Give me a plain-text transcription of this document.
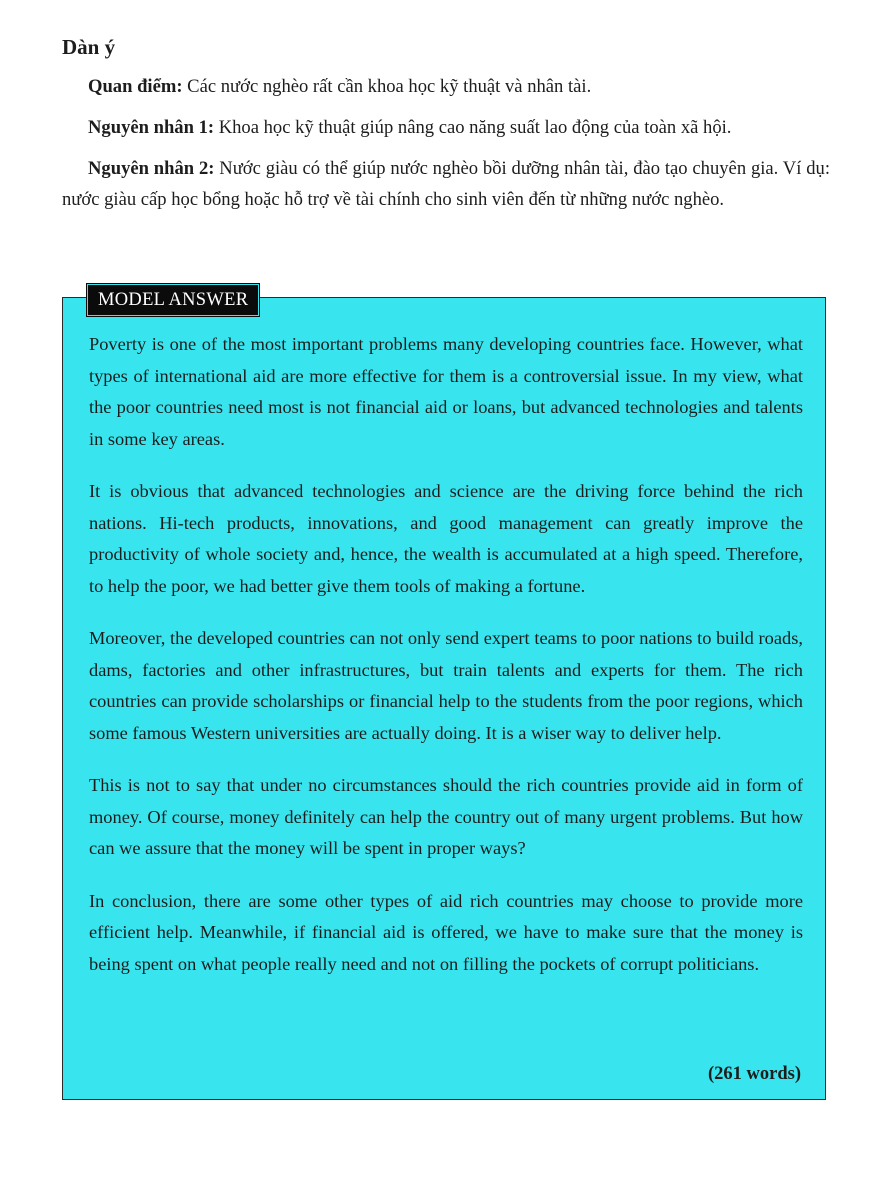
Dàn ý

Quan điểm: Các nước nghèo rất cần khoa học kỹ thuật và nhân tài.

Nguyên nhân 1: Khoa học kỹ thuật giúp nâng cao năng suất lao động của toàn xã hội.

Nguyên nhân 2: Nước giàu có thể giúp nước nghèo bồi dưỡng nhân tài, đào tạo chuyên gia. Ví dụ: nước giàu cấp học bổng hoặc hỗ trợ về tài chính cho sinh viên đến từ những nước nghèo.

MODEL ANSWER

Poverty is one of the most important problems many developing countries face. However, what types of international aid are more effective for them is a controversial issue. In my view, what the poor countries need most is not financial aid or loans, but advanced technologies and talents in some key areas.

It is obvious that advanced technologies and science are the driving force behind the rich nations. Hi-tech products, innovations, and good management can greatly improve the productivity of whole society and, hence, the wealth is accumulated at a high speed. Therefore, to help the poor, we had better give them tools of making a fortune.

Moreover, the developed countries can not only send expert teams to poor nations to build roads, dams, factories and other infrastructures, but train talents and experts for them. The rich countries can provide scholarships or financial help to the students from the poor regions, which some famous Western universities are actually doing. It is a wiser way to deliver help.

This is not to say that under no circumstances should the rich countries provide aid in form of money. Of course, money definitely can help the country out of many urgent problems. But how can we assure that the money will be spent in proper ways?

In conclusion, there are some other types of aid rich countries may choose to provide more efficient help. Meanwhile, if financial aid is offered, we have to make sure that the money is being spent on what people really need and not on filling the pockets of corrupt politicians.

(261 words)
